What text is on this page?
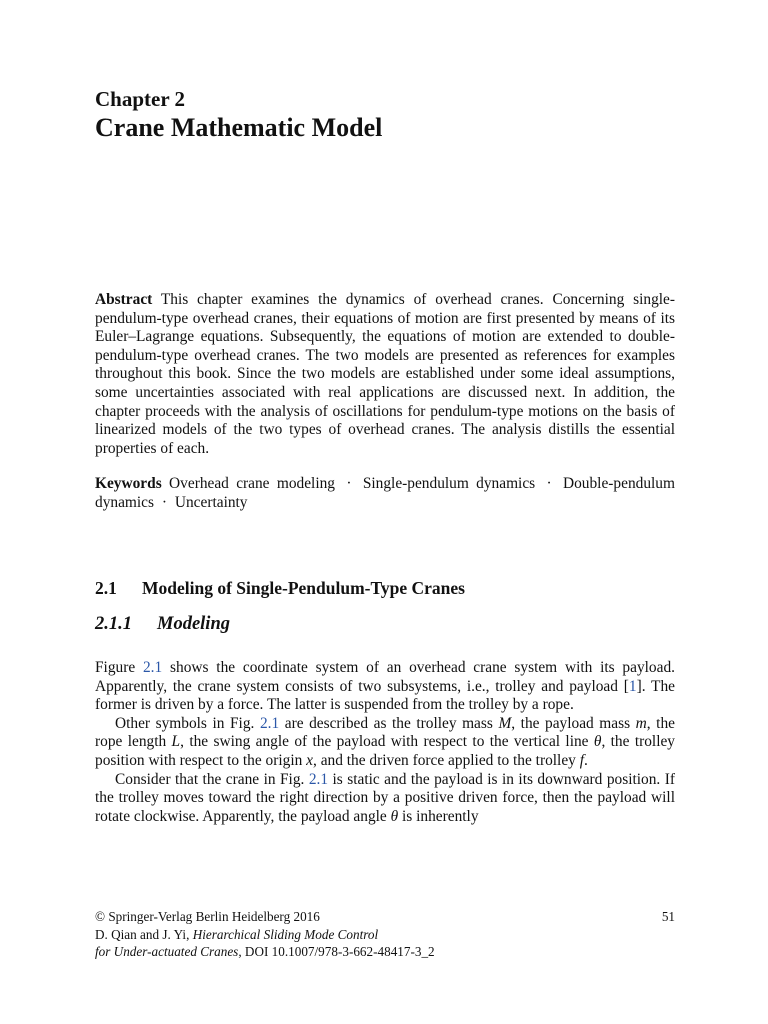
Chapter 2
Crane Mathematic Model
Abstract This chapter examines the dynamics of overhead cranes. Concerning single-pendulum-type overhead cranes, their equations of motion are first presented by means of its Euler–Lagrange equations. Subsequently, the equations of motion are extended to double-pendulum-type overhead cranes. The two models are presented as references for examples throughout this book. Since the two models are established under some ideal assumptions, some uncertainties associated with real applications are discussed next. In addition, the chapter proceeds with the analysis of oscillations for pendulum-type motions on the basis of linearized models of the two types of overhead cranes. The analysis distills the essential properties of each.
Keywords Overhead crane modeling · Single-pendulum dynamics · Double-pendulum dynamics · Uncertainty
2.1 Modeling of Single-Pendulum-Type Cranes
2.1.1 Modeling

Figure 2.1 shows the coordinate system of an overhead crane system with its payload. Apparently, the crane system consists of two subsystems, i.e., trolley and payload [1]. The former is driven by a force. The latter is suspended from the trolley by a rope.

Other symbols in Fig. 2.1 are described as the trolley mass M, the payload mass m, the rope length L, the swing angle of the payload with respect to the vertical line θ, the trolley position with respect to the origin x, and the driven force applied to the trolley f.

Consider that the crane in Fig. 2.1 is static and the payload is in its downward position. If the trolley moves toward the right direction by a positive driven force, then the payload will rotate clockwise. Apparently, the payload angle θ is inherently

© Springer-Verlag Berlin Heidelberg 2016	51
D. Qian and J. Yi, Hierarchical Sliding Mode Control
for Under-actuated Cranes, DOI 10.1007/978-3-662-48417-3_2
